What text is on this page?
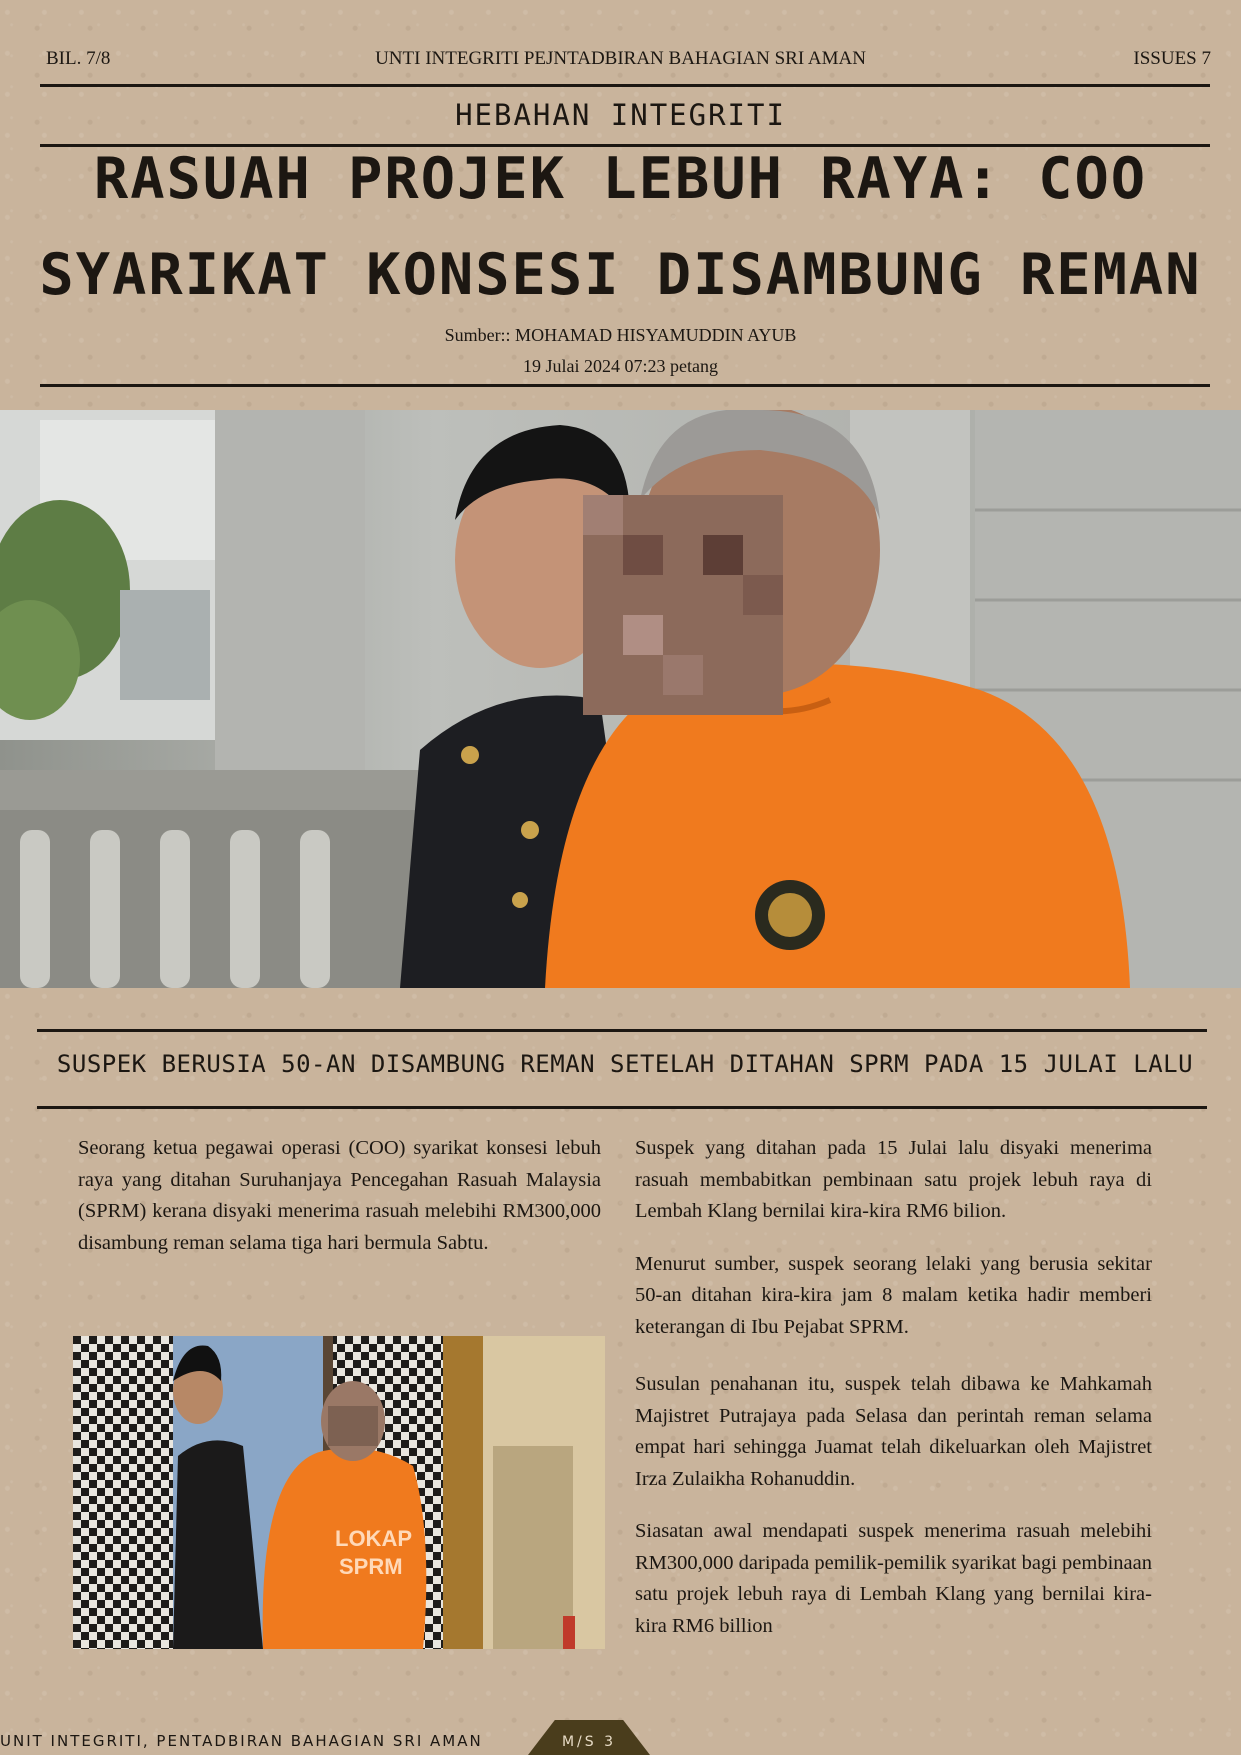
BIL. 7/8	UNTI INTEGRITI PEJNTADBIRAN BAHAGIAN SRI AMAN	ISSUES 7
HEBAHAN INTEGRITI
RASUAH PROJEK LEBUH RAYA: COO
SYARIKAT KONSESI DISAMBUNG REMAN
Sumber:: MOHAMAD HISYAMUDDIN AYUB
19 Julai 2024 07:23 petang
SUSPEK BERUSIA 50-AN DISAMBUNG REMAN SETELAH DITAHAN SPRM PADA 15 JULAI LALU

Seorang ketua pegawai operasi (COO) syarikat konsesi lebuh raya yang ditahan Suruhanjaya Pencegahan Rasuah Malaysia (SPRM) kerana disyaki menerima rasuah melebihi RM300,000 disambung reman selama tiga hari bermula Sabtu.

LOKAP
SPRM

Suspek yang ditahan pada 15 Julai lalu disyaki menerima rasuah membabitkan pembinaan satu projek lebuh raya di Lembah Klang bernilai kira-kira RM6 bilion.

Menurut sumber, suspek seorang lelaki yang berusia sekitar 50-an ditahan kira-kira jam 8 malam ketika hadir memberi keterangan di Ibu Pejabat SPRM.

Susulan penahanan itu, suspek telah dibawa ke Mahkamah Majistret Putrajaya pada Selasa dan perintah reman selama empat hari sehingga Juamat telah dikeluarkan oleh Majistret Irza Zulaikha Rohanuddin.

Siasatan awal mendapati suspek menerima rasuah melebihi RM300,000 daripada pemilik-pemilik syarikat bagi pembinaan satu projek lebuh raya di Lembah Klang yang bernilai kira-kira RM6 billion

UNIT INTEGRITI, PENTADBIRAN BAHAGIAN SRI AMAN	M/S 3
